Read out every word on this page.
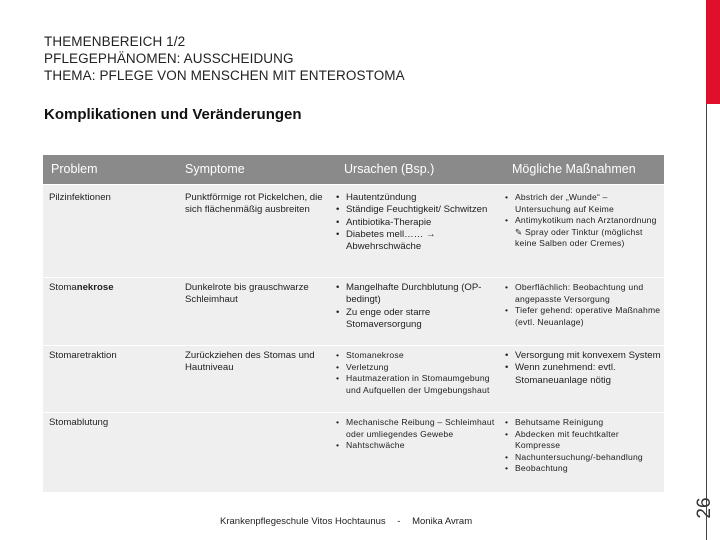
26
THEMENBEREICH 1/2
PFLEGEPHÄNOMEN: AUSSCHEIDUNG
THEMA: PFLEGE VON MENSCHEN MIT ENTEROSTOMA
Komplikationen und Veränderungen
Problem	Symptome	Ursachen (Bsp.)	Mögliche Maßnahmen
Pilzinfektionen	Punktförmige rot Pickelchen, die sich flächenmäßig ausbreiten
• Hautentzündung
• Ständige Feuchtigkeit/ Schwitzen
• Antibiotika-Therapie
• Diabetes mell…… → Abwehrschwäche
• Abstrich der „Wunde“ – Untersuchung auf Keime
• Antimykotikum nach Arztanordnung
✎ Spray oder Tinktur (möglichst keine Salben oder Cremes)
Stomanekrose	Dunkelrote bis grauschwarze Schleimhaut
• Mangelhafte Durchblutung (OP-bedingt)
• Zu enge oder starre Stomaversorgung
• Oberflächlich: Beobachtung und angepasste Versorgung
• Tiefer gehend: operative Maßnahme (evtl. Neuanlage)
Stomaretraktion	Zurückziehen des Stomas und Hautniveau
• Stomanekrose
• Verletzung
• Hautmazeration in Stomaumgebung und Aufquellen der Umgebungshaut
• Versorgung mit konvexem System
• Wenn zunehmend: evtl. Stomaneuanlage nötig
Stomablutung
•	Mechanische Reibung – Schleimhaut oder umliegendes Gewebe
• Nahtschwäche
• Behutsame Reinigung
• Abdecken mit feuchtkalter Kompresse
• Nachuntersuchung/-behandlung
• Beobachtung
Krankenpflegeschule Vitos Hochtaunus - Monika Avram
